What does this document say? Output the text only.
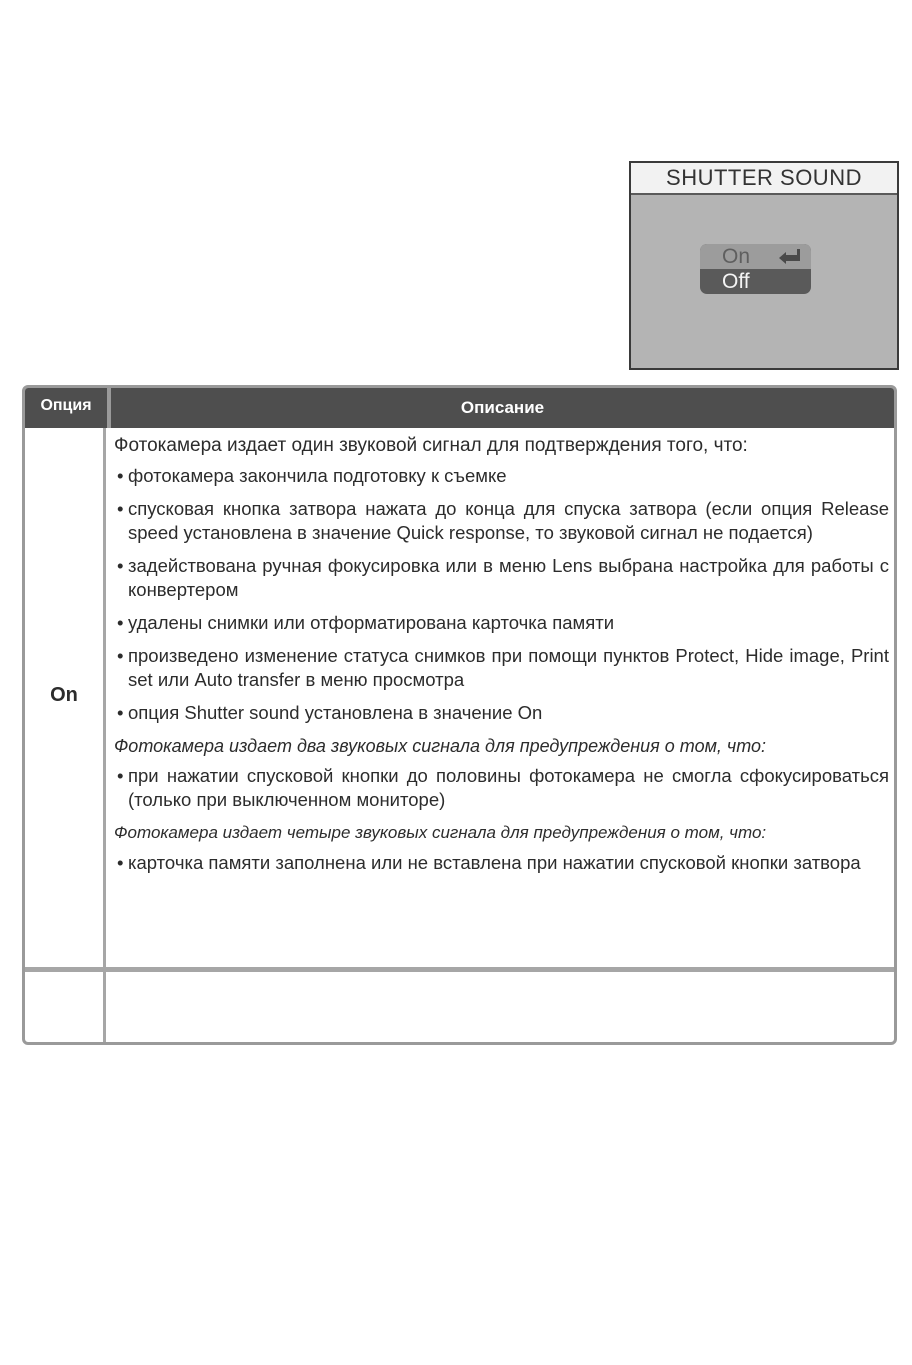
SHUTTER SOUND
On
Off
Опция	Описание
On

Фотокамера издает один звуковой сигнал для подтверждения того, что:

• фотокамера закончила подготовку к съемке

• спусковая кнопка затвора нажата до конца для спуска затвора (если опция Release speed установлена в значение Quick response, то звуковой сигнал не подается)

• задействована ручная фокусировка или в меню Lens выбрана настройка для работы с конвертером

• удалены снимки или отформатирована карточка памяти

• произведено изменение статуса снимков при помощи пунктов Protect, Hide image, Print set или Auto transfer в меню просмотра

• опция Shutter sound установлена в значение On

Фотокамера издает два звуковых сигнала для предупреждения о том, что:

• при нажатии спусковой кнопки до половины фотокамера не смогла сфокусироваться (только при выключенном мониторе)

Фотокамера издает четыре звуковых сигнала для предупреждения о том, что:

• карточка памяти заполнена или не вставлена при нажатии спусковой кнопки затвора
